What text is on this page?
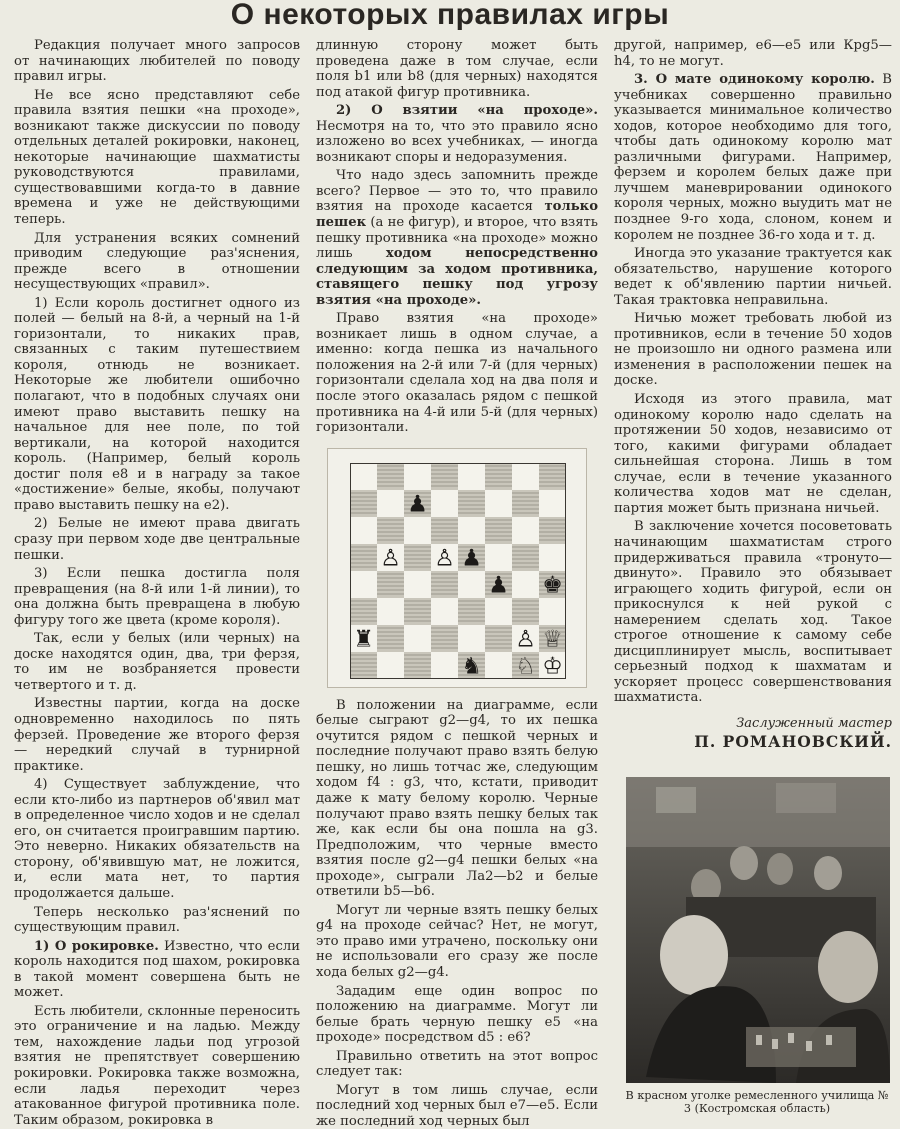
О некоторых правилах игры

Редакция получает много запросов от начинающих любителей по поводу правил игры.

Не все ясно представляют себе правила взятия пешки «на проходе», возникают также дискуссии по поводу отдельных деталей рокировки, наконец, некоторые начинающие шахматисты руководствуются правилами, существовавшими когда-то в давние времена и уже не действующими теперь.

Для устранения всяких сомнений приводим следующие раз'яснения, прежде всего в отношении несуществующих «правил».

1) Если король достигнет одного из полей — белый на 8-й, а черный на 1-й горизонтали, то никаких прав, связанных с таким путешествием короля, отнюдь не возникает. Некоторые же любители ошибочно полагают, что в подобных случаях они имеют право выставить пешку на начальное для нее поле, по той вертикали, на которой находится король. (Например, белый король достиг поля е8 и в награду за такое «достижение» белые, якобы, получают право выставить пешку на е2).

2) Белые не имеют права двигать сразу при первом ходе две центральные пешки.

3) Если пешка достигла поля превращения (на 8-й или 1-й линии), то она должна быть превращена в любую фигуру того же цвета (кроме короля).

Так, если у белых (или черных) на доске находятся один, два, три ферзя, то им не возбраняется провести четвертого и т. д.

Известны партии, когда на доске одновременно находилось по пять ферзей. Проведение же второго ферзя — нередкий случай в турнирной практике.

4) Существует заблуждение, что если кто-либо из партнеров об'явил мат в определенное число ходов и не сделал его, он считается проигравшим партию. Это неверно. Никаких обязательств на сторону, об'явившую мат, не ложится, и, если мата нет, то партия продолжается дальше.

Теперь несколько раз'яснений по существующим правил.

1) О рокировке. Известно, что если король находится под шахом, рокировка в такой момент совершена быть не может.

Есть любители, склонные переносить это ограничение и на ладью. Между тем, нахождение ладьи под угрозой взятия не препятствует совершению рокировки. Рокировка также возможна, если ладья переходит через атакованное фигурой противника поле. Таким образом, рокировка в

длинную сторону может быть проведена даже в том случае, если поля b1 или b8 (для черных) находятся под атакой фигур противника.

2) О взятии «на проходе». Несмотря на то, что это правило ясно изложено во всех учебниках, — иногда возникают споры и недоразумения.

Что надо здесь запомнить прежде всего? Первое — это то, что правило взятия на проходе касается только пешек (а не фигур), и второе, что взять пешку противника «на проходе» можно лишь	ходом непосредственно следующим за ходом противника, ставящего пешку под угрозу взятия «на проходе».

Право взятия «на проходе» возникает лишь в одном случае, а именно: когда пешка из начального положения на 2-й или 7-й (для черных) горизонтали сделала ход на два поля и после этого оказалась рядом с пешкой противника на 4-й или 5-й (для черных) горизонтали.

♟
♙ ♙ ♟
♟ ♚
♜	♙ ♕
♞ ♘ ♔

В положении на диаграмме, если белые сыграют g2—g4, то их пешка очутится рядом с пешкой черных и последние получают право взять белую пешку, но лишь тотчас же, следующим ходом f4 : g3, что, кстати, приводит даже к мату белому королю. Черные получают право взять пешку белых так же, как если бы она пошла на g3. Предположим, что черные вместо взятия после g2—g4 пешки белых «на проходе», сыграли Ла2—b2 и белые ответили b5—b6.

Могут ли черные взять пешку белых g4 на проходе сейчас? Нет, не могут, это право ими утрачено, поскольку они не использовали его сразу же после хода белых g2—g4.

Зададим еще один вопрос по положению на диаграмме. Могут ли белые брать черную пешку е5 «на проходе» посредством d5 : е6?

Правильно ответить на этот вопрос следует так:

Могут в том лишь случае, если последний ход черных был е7—е5. Если же последний ход черных был

другой, например, е6—е5 или Крg5—h4, то не могут.

3. О мате одинокому королю. В учебниках совершенно правильно указывается минимальное количество ходов, которое необходимо для того, чтобы дать одинокому королю мат различными фигурами. Например, ферзем и королем белых даже при лучшем маневрировании одинокого короля черных, можно выудить мат не позднее 9-го хода, слоном, конем и королем не позднее 36-го хода и т. д.

Иногда это указание трактуется как обязательство, нарушение которого ведет к об'явлению партии ничьей. Такая трактовка неправильна.

Ничью может требовать любой из противников, если в течение 50 ходов не произошло ни одного размена или изменения в расположении пешек на доске.

Исходя из этого правила, мат одинокому королю надо сделать на протяжении 50 ходов, независимо от того, какими фигурами обладает сильнейшая сторона. Лишь в том случае, если в течение указанного количества ходов мат не сделан, партия может быть признана ничьей.

В заключение хочется посоветовать начинающим шахматистам строго придерживаться правила «тронуто—двинуто». Правило это обязывает играющего ходить фигурой, если он прикоснулся к ней рукой с намерением сделать ход. Такое строгое отношение к самому себе дисциплинирует мысль, воспитывает серьезный подход к шахматам и ускоряет процесс совершенствования шахматиста.

Заслуженный мастер
П. РОМАНОВСКИЙ.
В красном уголке ремесленного училища № 3 (Костромская область)
